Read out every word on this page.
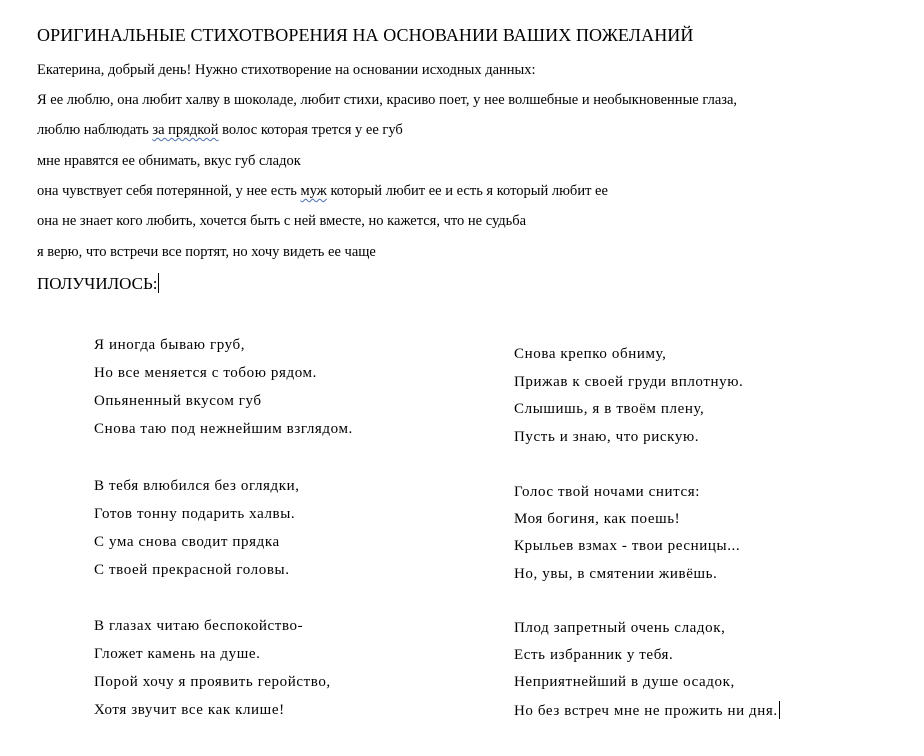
ОРИГИНАЛЬНЫЕ СТИХОТВОРЕНИЯ НА ОСНОВАНИИ ВАШИХ ПОЖЕЛАНИЙ
Екатерина, добрый день! Нужно стихотворение на основании исходных данных:
Я ее люблю, она любит халву в шоколаде, любит стихи, красиво поет, у нее волшебные и необыкновенные глаза,
люблю наблюдать за прядкой волос которая трется у ее губ
мне нравятся ее обнимать, вкус губ сладок
она чувствует себя потерянной, у нее есть муж который любит ее и есть я который любит ее
она не знает кого любить, хочется быть с ней вместе, но кажется, что не судьба
я верю, что встречи все портят, но хочу видеть ее чаще
ПОЛУЧИЛОСЬ:
Я иногда бываю груб,
Но все меняется с тобою рядом.
Опьяненный вкусом губ
Снова таю под нежнейшим взглядом.
В тебя влюбился без оглядки,
Готов тонну подарить халвы.
С ума снова сводит прядка
С твоей прекрасной головы.
В глазах читаю беспокойство-
Гложет камень на душе.
Порой хочу я проявить геройство,
Хотя звучит все как клише!
Снова крепко обниму,
Прижав к своей груди вплотную.
Слышишь, я в твоём плену,
Пусть и знаю, что рискую.
Голос твой ночами снится:
Моя богиня, как поешь!
Крыльев взмах - твои ресницы...
Но, увы, в смятении живёшь.
Плод запретный очень сладок,
Есть избранник у тебя.
Неприятнейший в душе осадок,
Но без встреч мне не прожить ни дня.
